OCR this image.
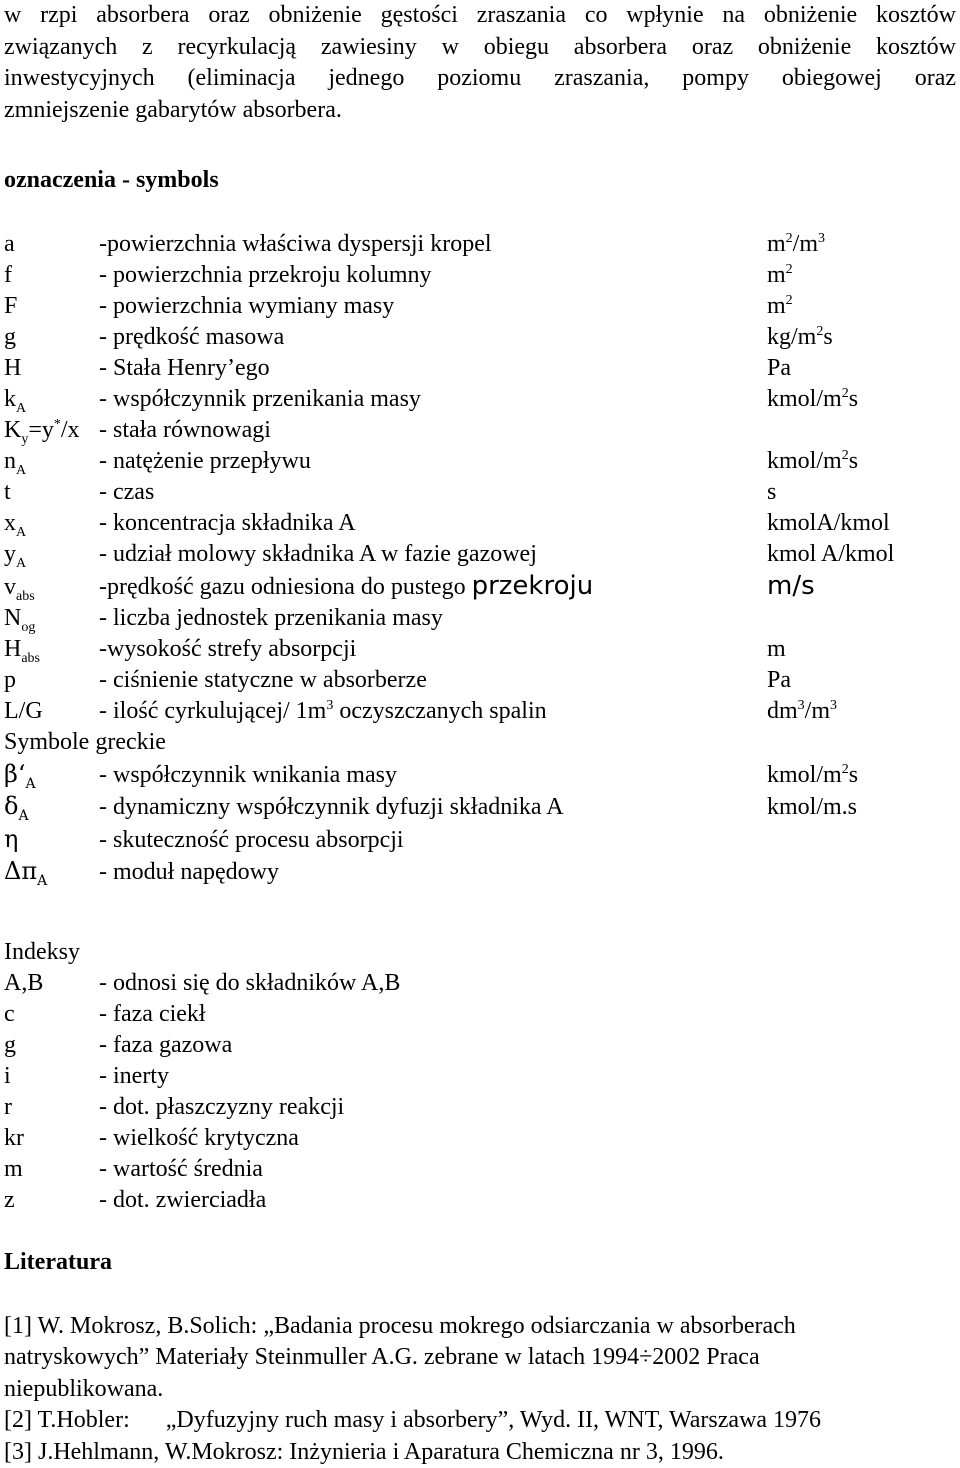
w rzpi absorbera oraz obniżenie gęstości zraszania co wpłynie na obniżenie kosztów
związanych z recyrkulacją zawiesiny w obiegu absorbera oraz obniżenie kosztów
inwestycyjnych (eliminacja jednego poziomu zraszania, pompy obiegowej oraz
zmniejszenie gabarytów absorbera.

oznaczenia - symbols

a	-powierzchnia właściwa dyspersji kropel	$m^2/m^3$
f	- powierzchnia przekroju kolumny	$m^2$
F	- powierzchnia wymiany masy	$m^2$
g	- prędkość masowa	$kg/m^2s$
H	- Stała Henry’ego	Pa
$k_A$	- współczynnik przenikania masy	kmol/$m^2s$
$K_y=y^*/x$ - stała równowagi
$n_A$	- natężenie przepływu	kmol/$m^2s$
t	- czas	s
$x_A$	- koncentracja składnika A	kmolA/kmol
$y_A$	- udział molowy składnika A w fazie gazowej	kmol A/kmol
$v_{abs}$	-prędkość gazu odniesiona do pustego przekroju	m/s
$N_{og}$	- liczba jednostek przenikania masy
$H_{abs}$	-wysokość strefy absorpcji	m
p	- ciśnienie statyczne w absorberze	Pa
L/G	- ilość cyrkulującej/ $1m^3$ oczyszczanych spalin	$dm^3/m^3$
Symbole greckie
$\beta‘_A$	- współczynnik wnikania masy	kmol/$m^2s$
$\delta_A$	- dynamiczny współczynnik dyfuzji składnika A	kmol/m.s
η	- skuteczność procesu absorpcji
$\Delta\pi_A$	- moduł napędowy
Indeksy
A,B	- odnosi się do składników A,B
c	- faza ciekł
g	- faza gazowa
i	- inerty
r	- dot. płaszczyzny reakcji
kr	- wielkość krytyczna
m	- wartość średnia
z	- dot. zwierciadła

Literatura

[1] W. Mokrosz, B.Solich: „Badania procesu mokrego odsiarczania w absorberach
natryskowych” Materiały Steinmuller A.G. zebrane w latach 1994÷2002 Praca
niepublikowana.
[2] T.Hobler:      „Dyfuzyjny ruch masy i absorbery”, Wyd. II, WNT, Warszawa 1976
[3] J.Hehlmann, W.Mokrosz: Inżynieria i Aparatura Chemiczna nr 3, 1996.
